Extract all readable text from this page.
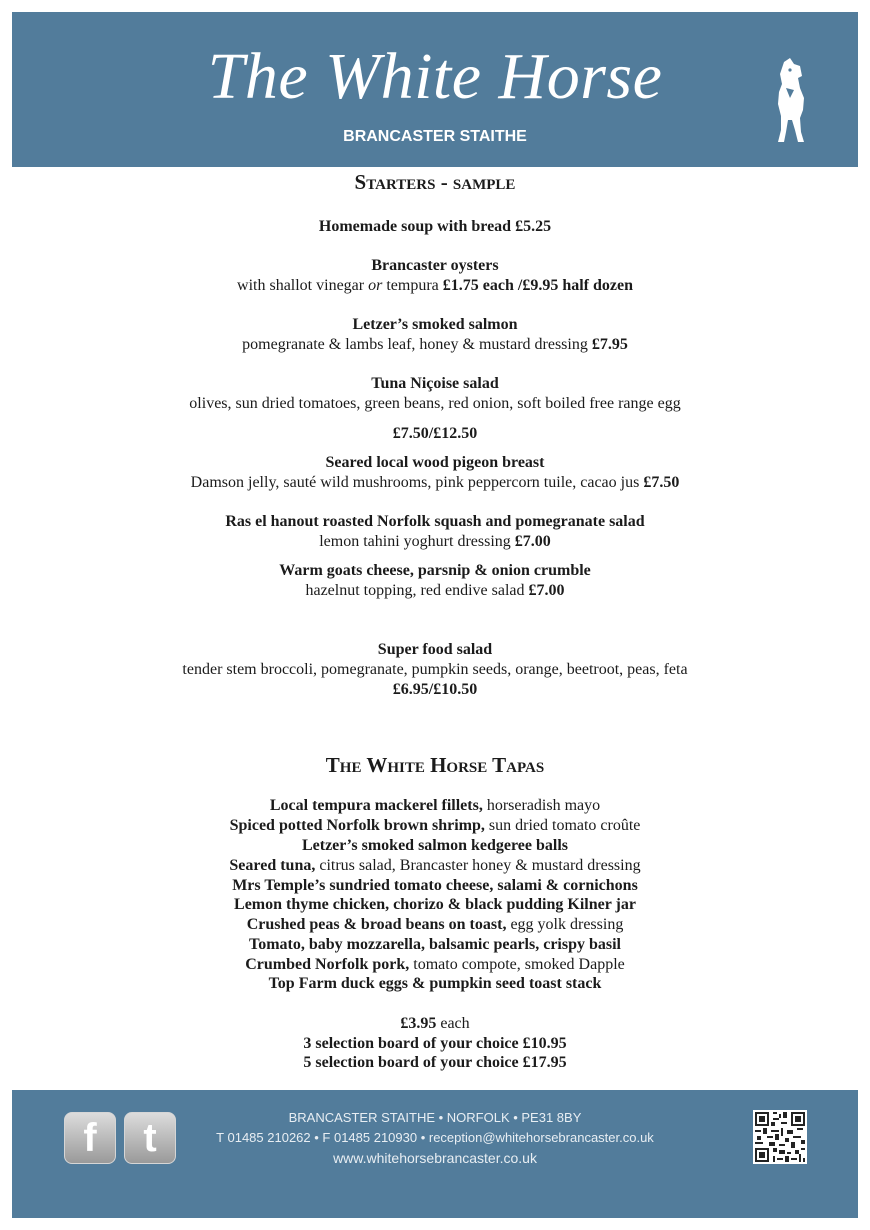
The White Horse
BRANCASTER STAITHE
Starters - sample
Homemade soup with bread £5.25
Brancaster oysters
with shallot vinegar or tempura £1.75 each /£9.95 half dozen
Letzer’s smoked salmon
pomegranate & lambs leaf, honey & mustard dressing £7.95
Tuna Niçoise salad
olives, sun dried tomatoes, green beans, red onion, soft boiled free range egg
£7.50/£12.50
Seared local wood pigeon breast
Damson jelly, sauté wild mushrooms, pink peppercorn tuile, cacao jus £7.50
Ras el hanout roasted Norfolk squash and pomegranate salad
lemon tahini yoghurt dressing £7.00
Warm goats cheese, parsnip & onion crumble
hazelnut topping, red endive salad £7.00
Super food salad
tender stem broccoli, pomegranate, pumpkin seeds, orange, beetroot, peas, feta
£6.95/£10.50
The White Horse Tapas
Local tempura mackerel fillets, horseradish mayo
Spiced potted Norfolk brown shrimp, sun dried tomato croûte
Letzer’s smoked salmon kedgeree balls
Seared tuna, citrus salad, Brancaster honey & mustard dressing
Mrs Temple’s sundried tomato cheese, salami & cornichons
Lemon thyme chicken, chorizo & black pudding Kilner jar
Crushed peas & broad beans on toast, egg yolk dressing
Tomato, baby mozzarella, balsamic pearls, crispy basil
Crumbed Norfolk pork, tomato compote, smoked Dapple
Top Farm duck eggs & pumpkin seed toast stack
£3.95 each
3 selection board of your choice £10.95
5 selection board of your choice £17.95
f t	BRANCASTER STAITHE • NORFOLK • PE31 8BY
T 01485 210262 • F 01485 210930 • reception@whitehorsebrancaster.co.uk
www.whitehorsebrancaster.co.uk
